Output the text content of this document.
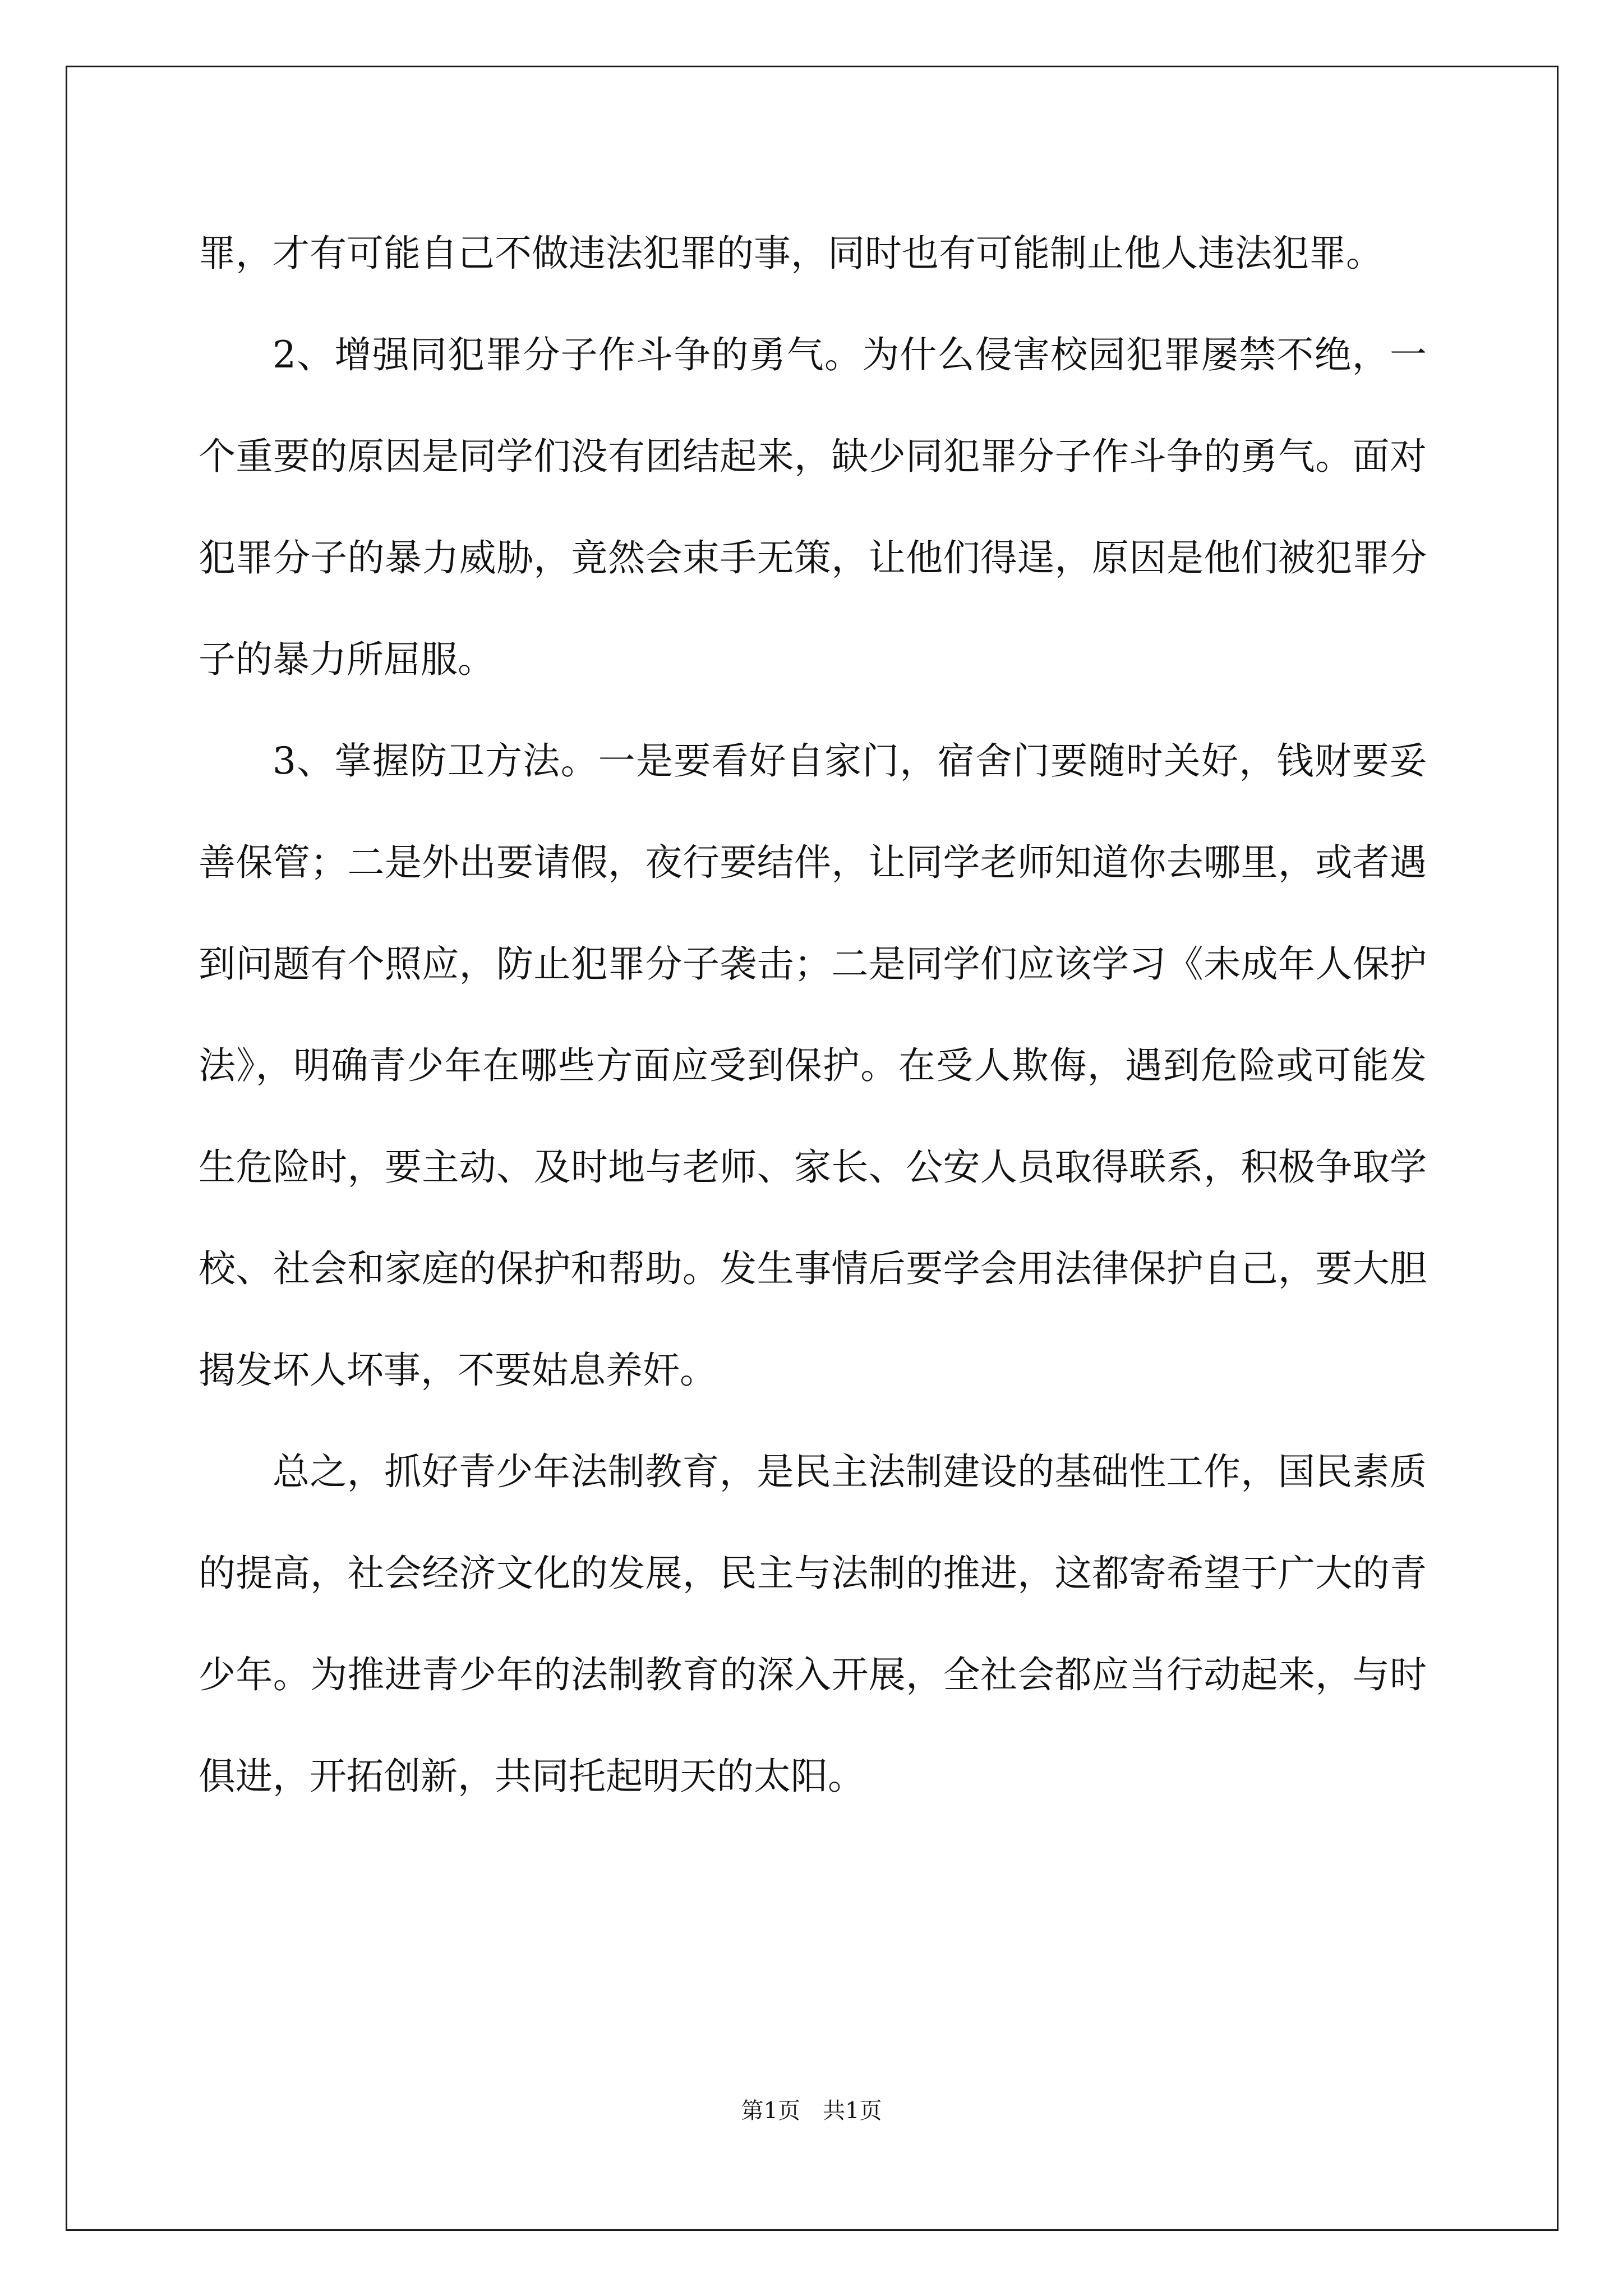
罪，才有可能自己不做违法犯罪的事，同时也有可能制止他人违法犯罪。

2、增强同犯罪分子作斗争的勇气。为什么侵害校园犯罪屡禁不绝，一个重要的原因是同学们没有团结起来，缺少同犯罪分子作斗争的勇气。面对犯罪分子的暴力威胁，竟然会束手无策，让他们得逞，原因是他们被犯罪分子的暴力所屈服。

3、掌握防卫方法。一是要看好自家门，宿舍门要随时关好，钱财要妥善保管；二是外出要请假，夜行要结伴，让同学老师知道你去哪里，或者遇到问题有个照应，防止犯罪分子袭击；二是同学们应该学习《未成年人保护法》，明确青少年在哪些方面应受到保护。在受人欺侮，遇到危险或可能发生危险时，要主动、及时地与老师、家长、公安人员取得联系，积极争取学校、社会和家庭的保护和帮助。发生事情后要学会用法律保护自己，要大胆揭发坏人坏事，不要姑息养奸。

总之，抓好青少年法制教育，是民主法制建设的基础性工作，国民素质的提高，社会经济文化的发展，民主与法制的推进，这都寄希望于广大的青少年。为推进青少年的法制教育的深入开展，全社会都应当行动起来，与时俱进，开拓创新，共同托起明天的太阳。

第1页　共1页
